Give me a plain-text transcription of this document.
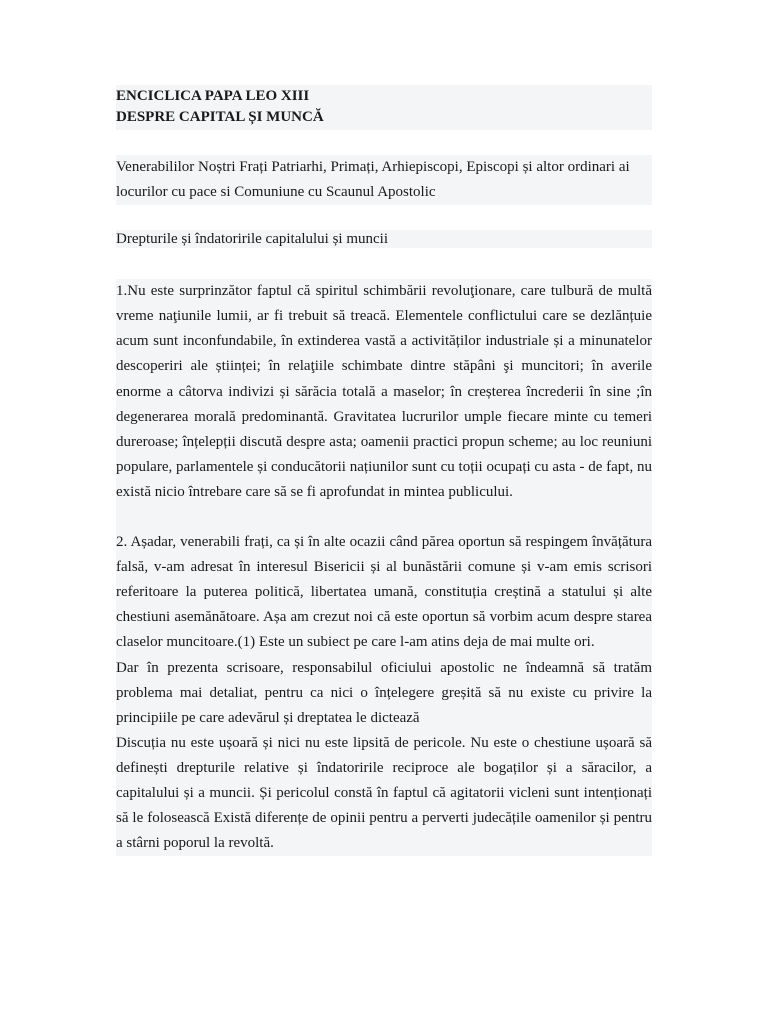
ENCICLICA PAPA LEO XIII
DESPRE CAPITAL ȘI MUNCĂ

Venerabililor Noștri Frați Patriarhi, Primați, Arhiepiscopi, Episcopi și altor ordinari ai locurilor cu pace si Comuniune cu Scaunul Apostolic

Drepturile și îndatoririle capitalului și muncii

1.Nu este surprinzător faptul că spiritul schimbării revoluţionare, care tulbură de multă vreme naţiunile lumii, ar fi trebuit să treacă. Elementele conflictului care se dezlănțuie acum sunt inconfundabile, în extinderea vastă a activităților industriale și a minunatelor descoperiri ale științei; în relaţiile schimbate dintre stăpâni şi muncitori; în averile enorme a câtorva indivizi și sărăcia totală a maselor; în creșterea încrederii în sine ;în degenerarea morală predominantă. Gravitatea lucrurilor umple fiecare minte cu temeri dureroase; înțelepții discută despre asta; oamenii practici propun scheme; au loc reuniuni populare, parlamentele și conducătorii națiunilor sunt cu toții ocupați cu asta - de fapt, nu există nicio întrebare care să se fi aprofundat in mintea publicului.

2. Așadar, venerabili frați, ca și în alte ocazii când părea oportun să respingem învățătura falsă, v-am adresat în interesul Bisericii și al bunăstării comune și v-am emis scrisori referitoare la puterea politică, libertatea umană, constituția creștină a statului și alte chestiuni asemănătoare. Așa am crezut noi că este oportun să vorbim acum despre starea claselor muncitoare.(1) Este un subiect pe care l-am atins deja de mai multe ori.

Dar în prezenta scrisoare, responsabilul oficiului apostolic ne îndeamnă să tratăm problema mai detaliat, pentru ca nici o înțelegere greșită să nu existe cu privire la principiile pe care adevărul și dreptatea le dictează

Discuția nu este ușoară și nici nu este lipsită de pericole. Nu este o chestiune ușoară să definești drepturile relative și îndatoririle reciproce ale bogaților și a săracilor, a capitalului și a muncii. Și pericolul constă în faptul că agitatorii vicleni sunt intenționați să le folosească Există diferențe de opinii pentru a perverti judecățile oamenilor și pentru a stârni poporul la revoltă.
